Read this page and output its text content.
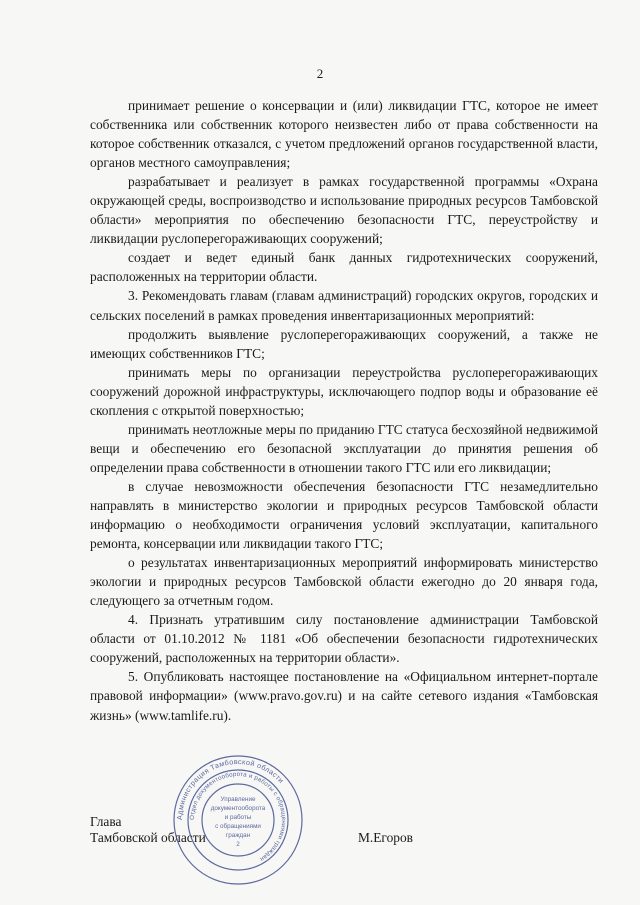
2

принимает решение о консервации и (или) ликвидации ГТС, которое не имеет собственника или собственник которого неизвестен либо от права собственности на которое собственник отказался, с учетом предложений органов государственной власти, органов местного самоуправления;

разрабатывает и реализует в рамках государственной программы «Охрана окружающей среды, воспроизводство и использование природных ресурсов Тамбовской области» мероприятия по обеспечению безопасности ГТС, переустройству и ликвидации руслоперегораживающих сооружений;

создает и ведет единый банк данных гидротехнических сооружений, расположенных на территории области.

3. Рекомендовать главам (главам администраций) городских округов, городских и сельских поселений в рамках проведения инвентаризационных мероприятий:

продолжить выявление руслоперегораживающих сооружений, а также не имеющих собственников ГТС;

принимать меры по организации переустройства руслоперегораживающих сооружений дорожной инфраструктуры, исключающего подпор воды и образование её скопления с открытой поверхностью;

принимать неотложные меры по приданию ГТС статуса бесхозяйной недвижимой вещи и обеспечению его безопасной эксплуатации до принятия решения об определении права собственности в отношении такого ГТС или его ликвидации;

в случае невозможности обеспечения безопасности ГТС незамедлительно направлять в министерство экологии и природных ресурсов Тамбовской области информацию о необходимости ограничения условий эксплуатации, капитального ремонта, консервации или ликвидации такого ГТС;

о результатах инвентаризационных мероприятий информировать министерство экологии и природных ресурсов Тамбовской области ежегодно до 20 января года, следующего за отчетным годом.

4. Признать утратившим силу постановление администрации Тамбовской области от 01.10.2012 № 1181 «Об обеспечении безопасности гидротехнических сооружений, расположенных на территории области».

5. Опубликовать настоящее постановление на «Официальном интернет-портале правовой информации» (www.pravo.gov.ru) и на сайте сетевого издания «Тамбовская жизнь» (www.tamlife.ru).

Глава
Тамбовской области	М.Егоров
Администрация Тамбовской области
Отдел документооборота и работы с обращениями граждан
Управление
документооборота
и работы
с обращениями
граждан
2
